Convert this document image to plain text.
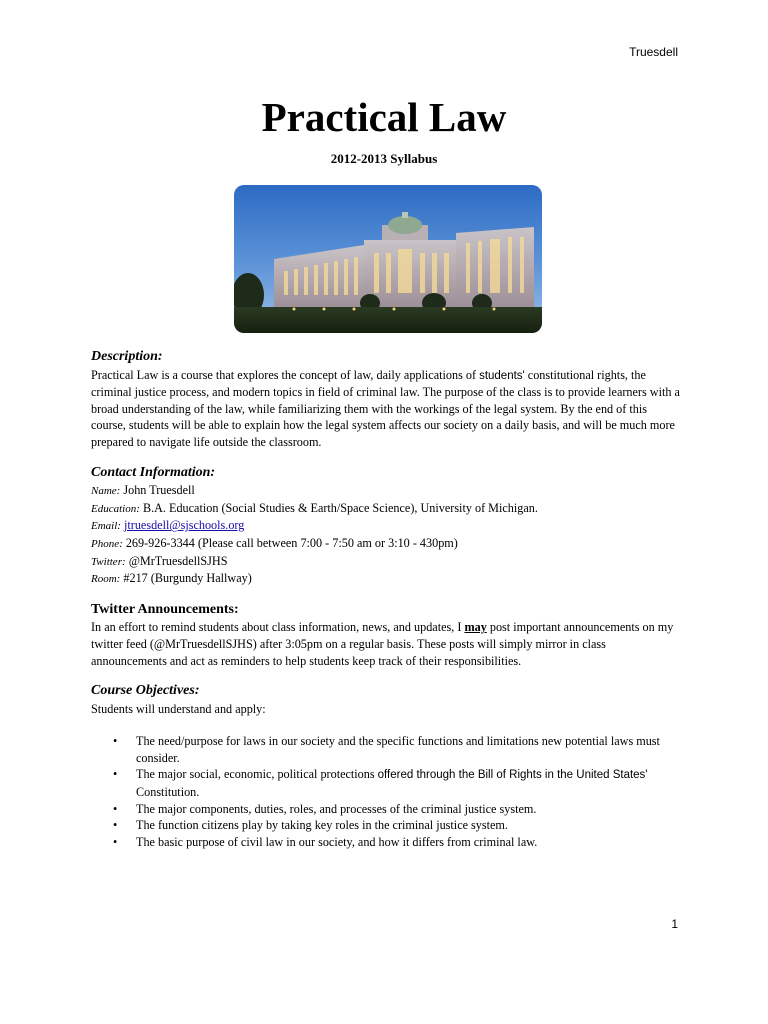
Truesdell
Practical Law
2012-2013 Syllabus
Description:

Practical Law is a course that explores the concept of law, daily applications of students' constitutional rights, the criminal justice process, and modern topics in field of criminal law. The purpose of the class is to provide learners with a broad understanding of the law, while familiarizing them with the workings of the legal system. By the end of this course, students will be able to explain how the legal system affects our society on a daily basis, and will be much more prepared to navigate life outside the classroom.

Contact Information:
Name: John Truesdell
Education: B.A. Education (Social Studies & Earth/Space Science), University of Michigan.
Email: jtruesdell@sjschools.org
Phone: 269-926-3344 (Please call between 7:00 - 7:50 am or 3:10 - 430pm)
Twitter: @MrTruesdellSJHS
Room: #217 (Burgundy Hallway)
Twitter Announcements:

In an effort to remind students about class information, news, and updates, I may post important announcements on my twitter feed (@MrTruesdellSJHS) after 3:05pm on a regular basis. These posts will simply mirror in class announcements and act as reminders to help students keep track of their responsibilities.

Course Objectives:
Students will understand and apply:
• The need/purpose for laws in our society and the specific functions and limitations new potential laws must consider.
• The major social, economic, political protections offered through the Bill of Rights in the United States' Constitution.
• The major components, duties, roles, and processes of the criminal justice system.
• The function citizens play by taking key roles in the criminal justice system.
• The basic purpose of civil law in our society, and how it differs from criminal law.
1
